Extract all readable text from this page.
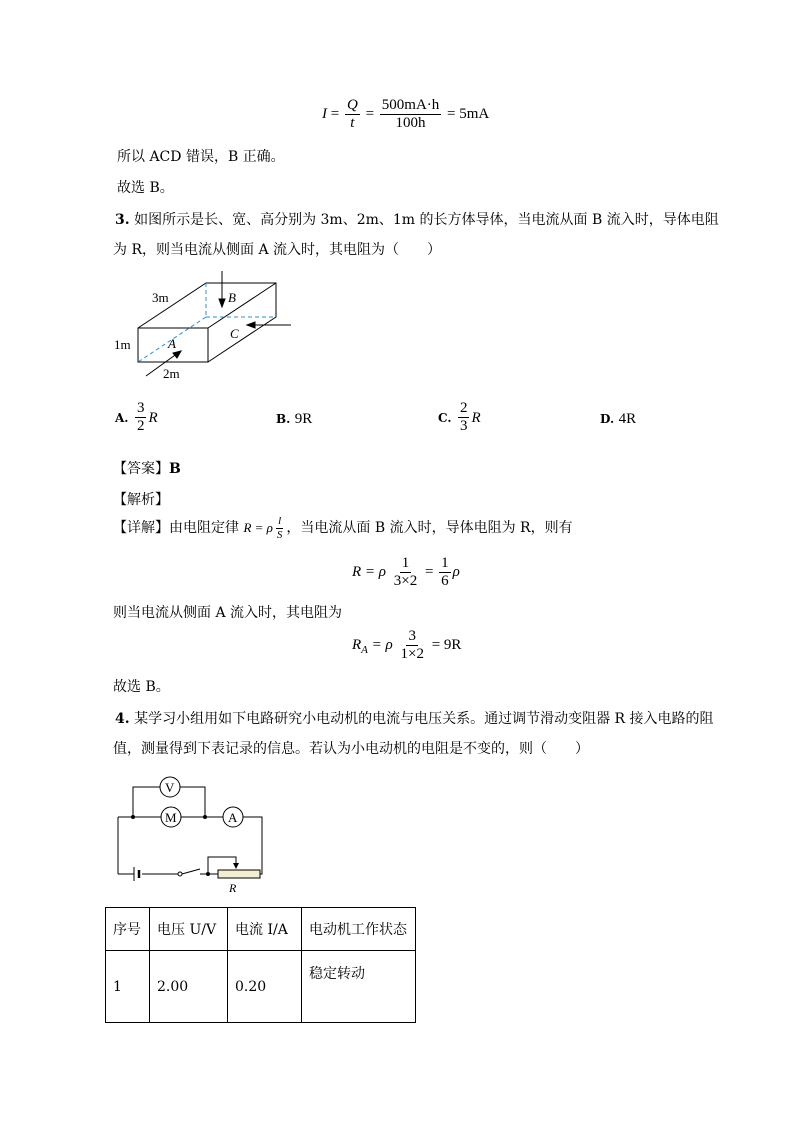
$I = \frac{Q}{t} = \frac{500mA\cdot h}{100h} = 5mA$
所以 ACD 错误，B 正确。
故选 B。
3. 如图所示是长、宽、高分别为 3m、2m、1m 的长方体导体，当电流从面 B 流入时，导体电阻
为 R，则当电流从侧面 A 流入时，其电阻为（　　）
3m
1m
2m
B
C
A
A. $\frac{3}{2}$ R	B. 9R	C. $\frac{2}{3}$ R	D. 4R
【答案】B
【解析】
【详解】由电阻定律 R = ρ $\frac{l}{S}$ ，当电流从面 B 流入时，导体电阻为 R，则有
R = ρ $\frac{1}{3\times 2} = \frac{1}{6}$ ρ
则当电流从侧面 A 流入时，其电阻为
$R_A = \rho \frac{3}{1\times 2} = 9R$
故选 B。
4. 某学习小组用如下电路研究小电动机的电流与电压关系。通过调节滑动变阻器 R 接入电路的阻
值，测量得到下表记录的信息。若认为小电动机的电阻是不变的，则（　　）
V
M	A
R
序号	电压 U/V	电流 I/A	电动机工作状态
1	2.00	0.20	稳定转动
